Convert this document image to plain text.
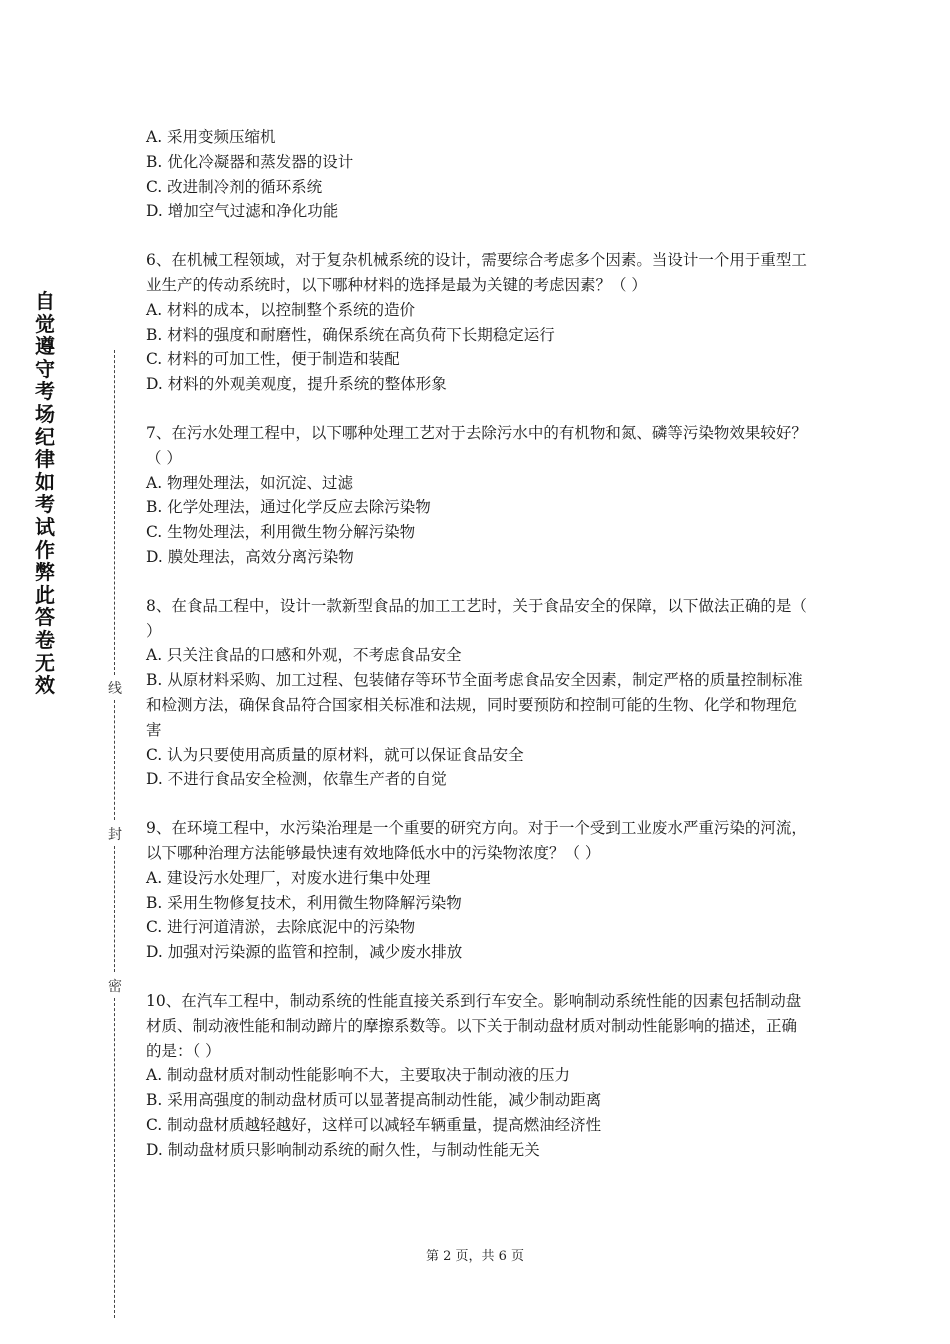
自觉遵守考场纪律如考试作弊此答卷无效	线
封
密
A. 采用变频压缩机
B. 优化冷凝器和蒸发器的设计
C. 改进制冷剂的循环系统
D. 增加空气过滤和净化功能
6、在机械工程领域，对于复杂机械系统的设计，需要综合考虑多个因素。当设计一个用于重型工业生产的传动系统时，以下哪种材料的选择是最为关键的考虑因素？（ ）
A. 材料的成本，以控制整个系统的造价
B. 材料的强度和耐磨性，确保系统在高负荷下长期稳定运行
C. 材料的可加工性，便于制造和装配
D. 材料的外观美观度，提升系统的整体形象
7、在污水处理工程中，以下哪种处理工艺对于去除污水中的有机物和氮、磷等污染物效果较好？（ ）
A. 物理处理法，如沉淀、过滤
B. 化学处理法，通过化学反应去除污染物
C. 生物处理法，利用微生物分解污染物
D. 膜处理法，高效分离污染物
8、在食品工程中，设计一款新型食品的加工工艺时，关于食品安全的保障，以下做法正确的是（ ）
A. 只关注食品的口感和外观，不考虑食品安全
B. 从原材料采购、加工过程、包装储存等环节全面考虑食品安全因素，制定严格的质量控制标准和检测方法，确保食品符合国家相关标准和法规，同时要预防和控制可能的生物、化学和物理危害
C. 认为只要使用高质量的原材料，就可以保证食品安全
D. 不进行食品安全检测，依靠生产者的自觉
9、在环境工程中，水污染治理是一个重要的研究方向。对于一个受到工业废水严重污染的河流，以下哪种治理方法能够最快速有效地降低水中的污染物浓度？（ ）
A. 建设污水处理厂，对废水进行集中处理
B. 采用生物修复技术，利用微生物降解污染物
C. 进行河道清淤，去除底泥中的污染物
D. 加强对污染源的监管和控制，减少废水排放
10、在汽车工程中，制动系统的性能直接关系到行车安全。影响制动系统性能的因素包括制动盘材质、制动液性能和制动蹄片的摩擦系数等。以下关于制动盘材质对制动性能影响的描述，正确的是：（ ）
A. 制动盘材质对制动性能影响不大，主要取决于制动液的压力
B. 采用高强度的制动盘材质可以显著提高制动性能，减少制动距离
C. 制动盘材质越轻越好，这样可以减轻车辆重量，提高燃油经济性
D. 制动盘材质只影响制动系统的耐久性，与制动性能无关
第 2 页，共 6 页
